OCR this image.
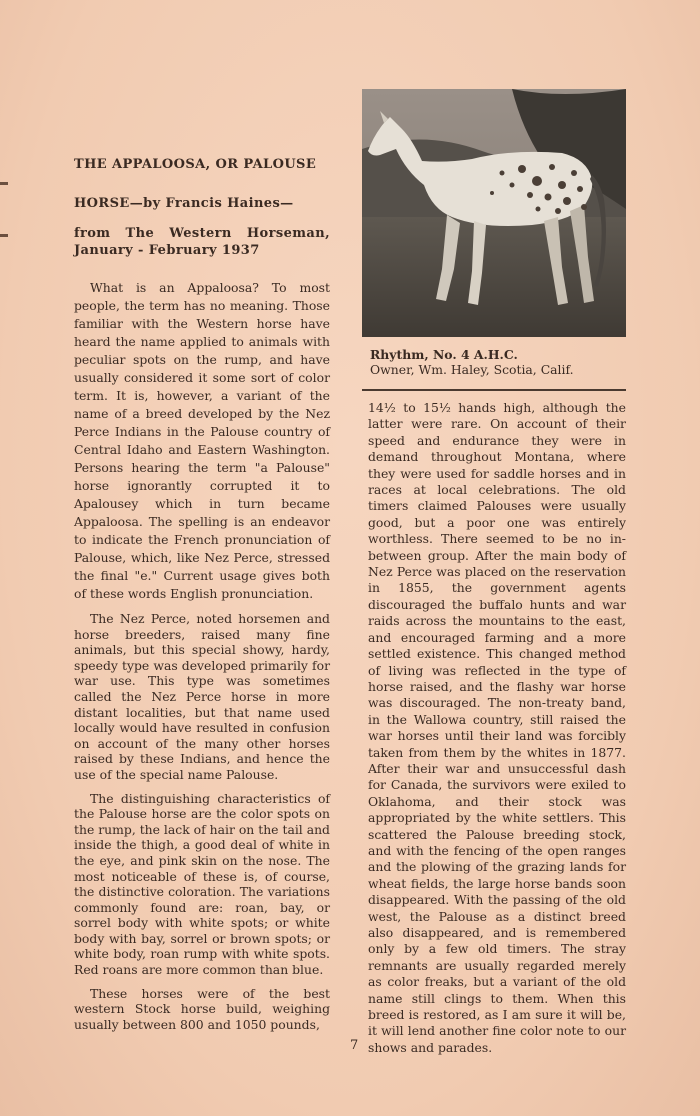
THE APPALOOSA, OR PALOUSE

HORSE—by Francis Haines—

from The Western Horseman, January - February 1937

What is an Appaloosa? To most people, the term has no meaning. Those familiar with the Western horse have heard the name applied to animals with peculiar spots on the rump, and have usually considered it some sort of color term. It is, however, a variant of the name of a breed developed by the Nez Perce Indians in the Palouse country of Central Idaho and Eastern Washington. Persons hearing the term "a Palouse" horse ignorantly corrupted it to Apalousey which in turn became Appaloosa. The spelling is an endeavor to indicate the French pronunciation of Palouse, which, like Nez Perce, stressed the final "e." Current usage gives both of these words English pronunciation.

The Nez Perce, noted horsemen and horse breeders, raised many fine animals, but this special showy, hardy, speedy type was developed primarily for war use. This type was sometimes called the Nez Perce horse in more distant localities, but that name used locally would have resulted in confusion on account of the many other horses raised by these Indians, and hence the use of the special name Palouse.

The distinguishing characteristics of the Palouse horse are the color spots on the rump, the lack of hair on the tail and inside the thigh, a good deal of white in the eye, and pink skin on the nose. The most noticeable of these is, of course, the distinctive coloration. The variations commonly found are: roan, bay, or sorrel body with white spots; or white body with bay, sorrel or brown spots; or white body, roan rump with white spots. Red roans are more common than blue.

These horses were of the best western Stock horse build, weighing usually between 800 and 1050 pounds,

Rhythm, No. 4 A.H.C.
Owner, Wm. Haley, Scotia, Calif.

14½ to 15½ hands high, although the latter were rare. On account of their speed and endurance they were in demand throughout Montana, where they were used for saddle horses and in races at local celebrations. The old timers claimed Palouses were usually good, but a poor one was entirely worthless. There seemed to be no in-between group. After the main body of Nez Perce was placed on the reservation in 1855, the government agents discouraged the buffalo hunts and war raids across the mountains to the east, and encouraged farming and a more settled existence. This changed method of living was reflected in the type of horse raised, and the flashy war horse was discouraged. The non-treaty band, in the Wallowa country, still raised the war horses until their land was forcibly taken from them by the whites in 1877. After their war and unsuccessful dash for Canada, the survivors were exiled to Oklahoma, and their stock was appropriated by the white settlers. This scattered the Palouse breeding stock, and with the fencing of the open ranges and the plowing of the grazing lands for wheat fields, the large horse bands soon disappeared. With the passing of the old west, the Palouse as a distinct breed also disappeared, and is remembered only by a few old timers. The stray remnants are usually regarded merely as color freaks, but a variant of the old name still clings to them. When this breed is restored, as I am sure it will be, it will lend another fine color note to our shows and parades.

7
